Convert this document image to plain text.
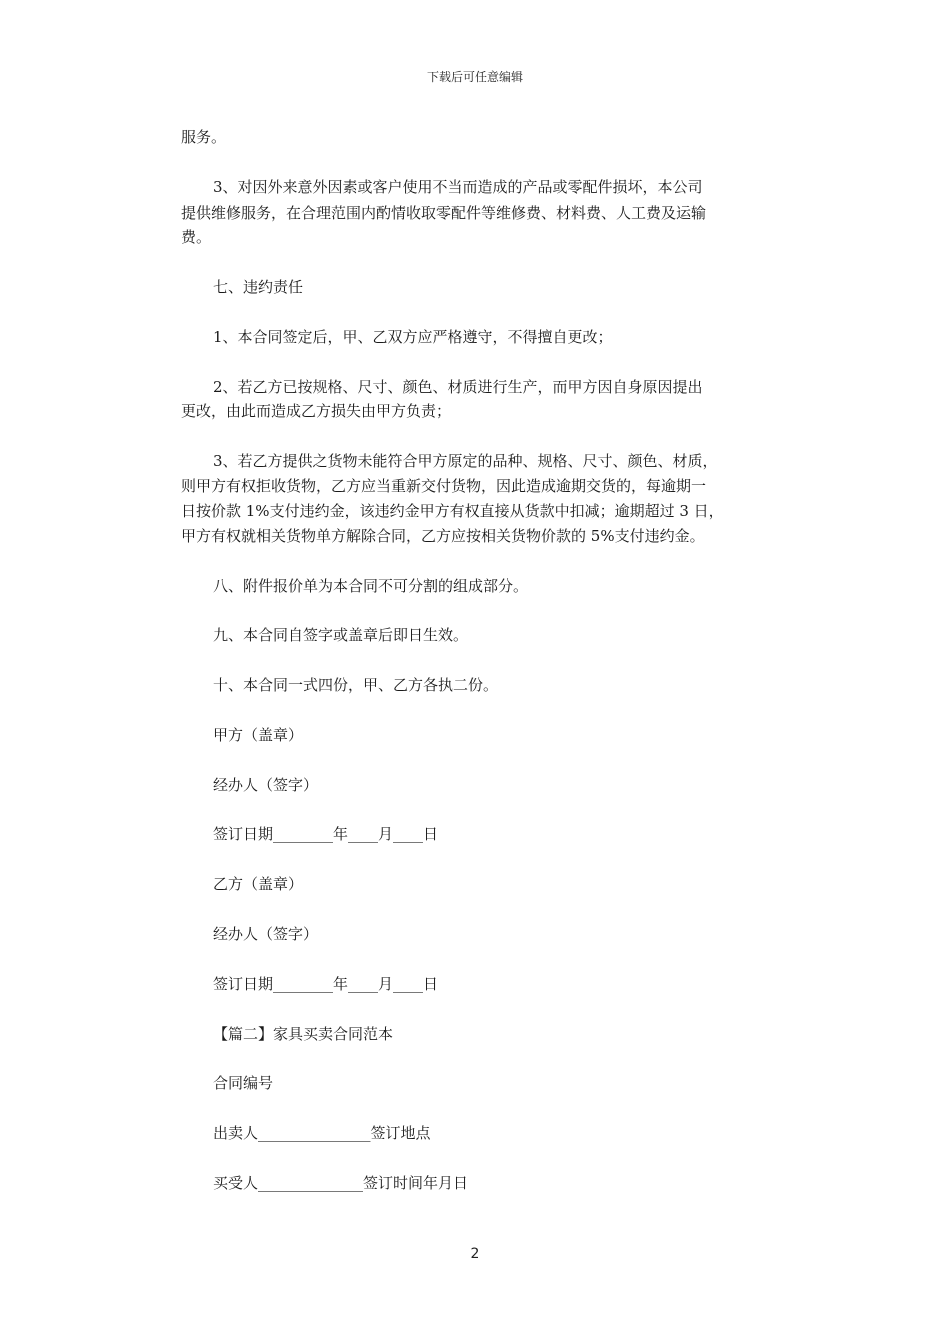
下载后可任意编辑

服务。

3、对因外来意外因素或客户使用不当而造成的产品或零配件损坏，本公司

提供维修服务，在合理范围内酌情收取零配件等维修费、材料费、人工费及运输

费。

七、违约责任

1、本合同签定后，甲、乙双方应严格遵守，不得擅自更改；

2、若乙方已按规格、尺寸、颜色、材质进行生产，而甲方因自身原因提出

更改，由此而造成乙方损失由甲方负责；

3、若乙方提供之货物未能符合甲方原定的品种、规格、尺寸、颜色、材质，

则甲方有权拒收货物，乙方应当重新交付货物，因此造成逾期交货的，每逾期一

日按价款 1%支付违约金，该违约金甲方有权直接从货款中扣减；逾期超过 3 日，

甲方有权就相关货物单方解除合同，乙方应按相关货物价款的 5%支付违约金。

八、附件报价单为本合同不可分割的组成部分。

九、本合同自签字或盖章后即日生效。

十、本合同一式四份，甲、乙方各执二份。

甲方（盖章）

经办人（签字）

签订日期________年____月____日

乙方（盖章）

经办人（签字）

签订日期________年____月____日

【篇二】家具买卖合同范本

合同编号

出卖人_______________签订地点

买受人______________签订时间年月日

2
